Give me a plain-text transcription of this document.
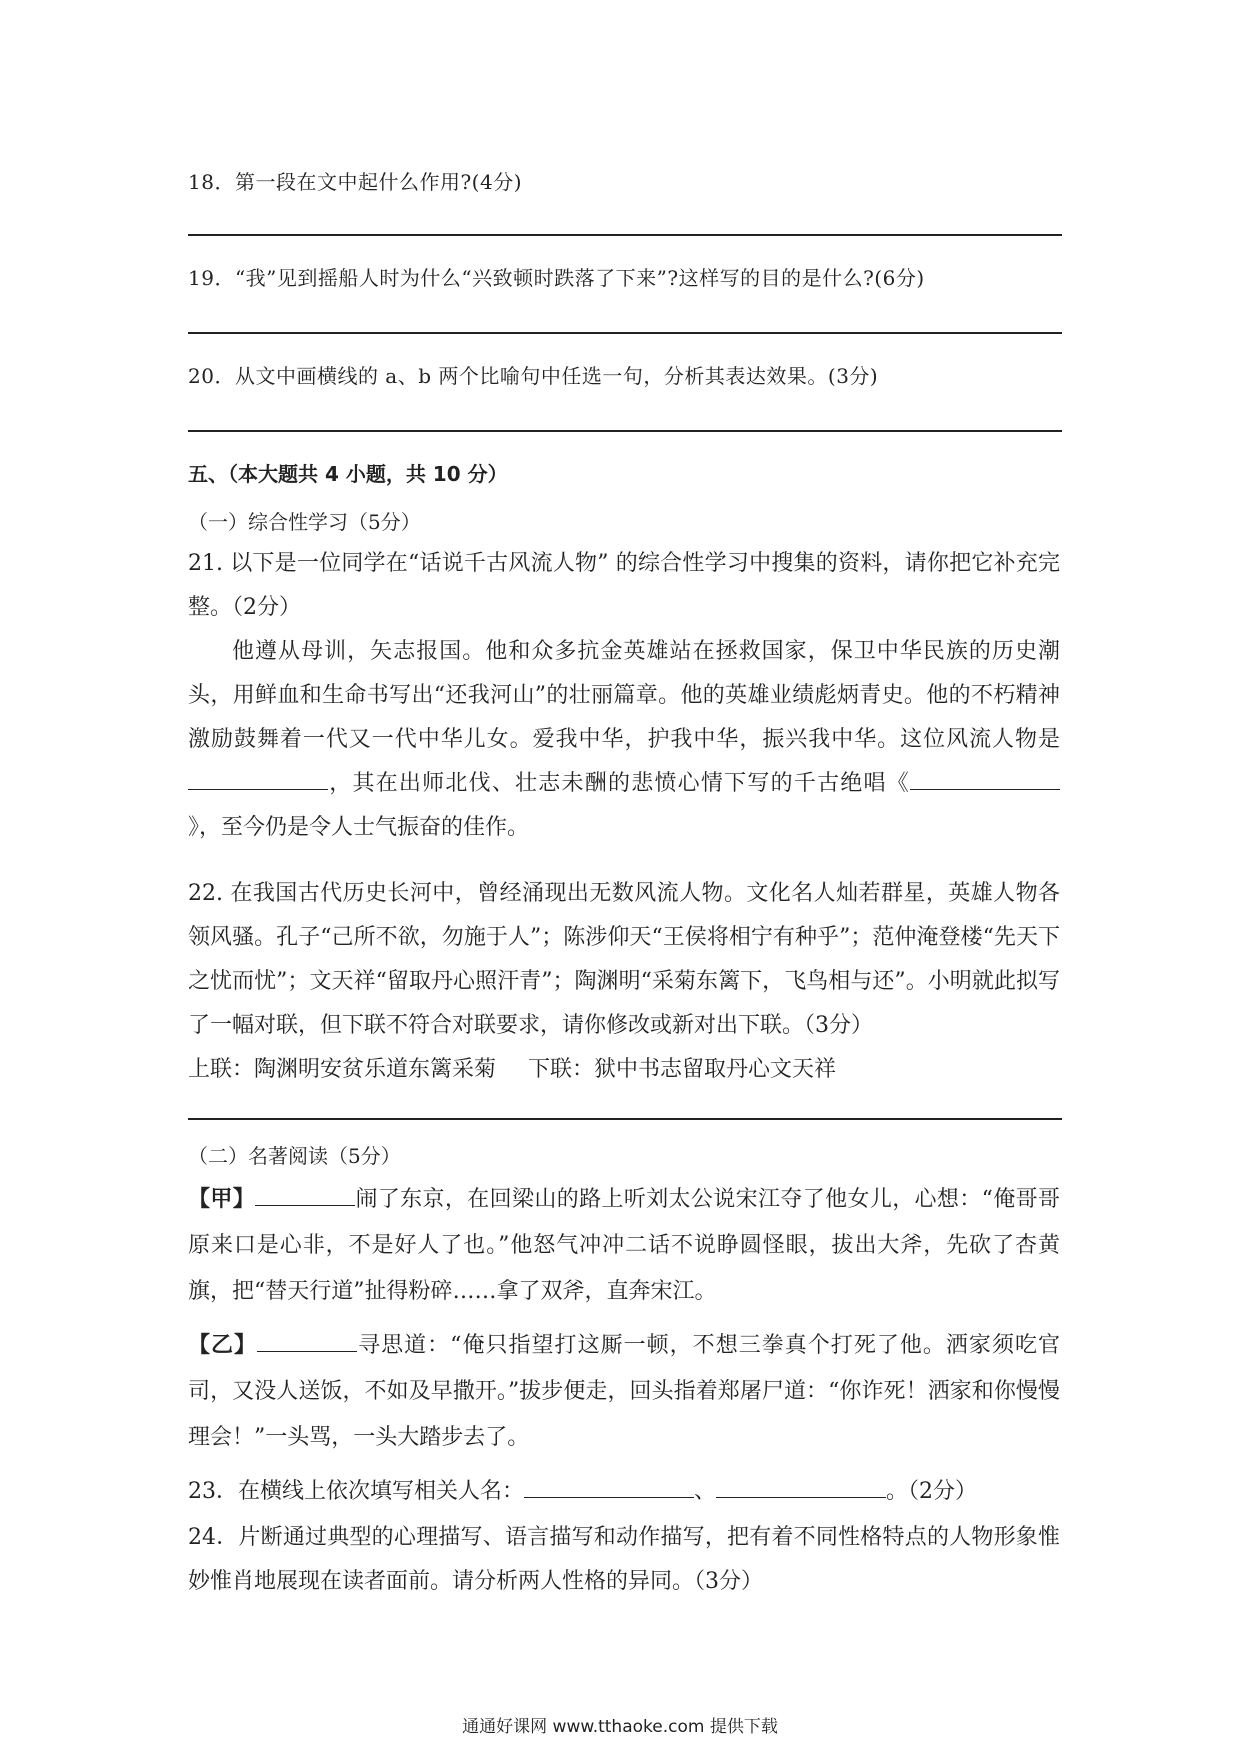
18．第一段在文中起什么作用?(4分)
19．“我”见到摇船人时为什么“兴致顿时跌落了下来”?这样写的目的是什么?(6分)
20．从文中画横线的 a、b 两个比喻句中任选一句，分析其表达效果。(3分)
五、（本大题共 4 小题，共 10 分）
（一）综合性学习（5分）

21. 以下是一位同学在“话说千古风流人物” 的综合性学习中搜集的资料，请你把它补充完整。（2分）

他遵从母训，矢志报国。他和众多抗金英雄站在拯救国家，保卫中华民族的历史潮头，用鲜血和生命书写出“还我河山”的壮丽篇章。他的英雄业绩彪炳青史。他的不朽精神激励鼓舞着一代又一代中华儿女。爱我中华，护我中华，振兴我中华。这位风流人物是，其在出师北伐、壮志未酬的悲愤心情下写的千古绝唱《》，至今仍是令人士气振奋的佳作。

22. 在我国古代历史长河中，曾经涌现出无数风流人物。文化名人灿若群星，英雄人物各领风骚。孔子“己所不欲，勿施于人”；陈涉仰天“王侯将相宁有种乎”；范仲淹登楼“先天下之忧而忧”；文天祥“留取丹心照汗青”；陶渊明“采菊东篱下，飞鸟相与还”。小明就此拟写了一幅对联，但下联不符合对联要求，请你修改或新对出下联。（3分）

上联：陶渊明安贫乐道东篱采菊 下联：狱中书志留取丹心文天祥

（二）名著阅读（5分）

【甲】	闹了东京，在回梁山的路上听刘太公说宋江夺了他女儿，心想：“俺哥哥原来口是心非，不是好人了也。”他怒气冲冲二话不说睁圆怪眼，拔出大斧，先砍了杏黄旗，把“替天行道”扯得粉碎……拿了双斧，直奔宋江。

【乙】	寻思道：“俺只指望打这厮一顿，不想三拳真个打死了他。洒家须吃官司，又没人送饭，不如及早撒开。”拔步便走，回头指着郑屠尸道：“你诈死！洒家和你慢慢理会！”一头骂，一头大踏步去了。

23．在横线上依次填写相关人名：	、	。（2分）

24．片断通过典型的心理描写、语言描写和动作描写，把有着不同性格特点的人物形象惟妙惟肖地展现在读者面前。请分析两人性格的异同。（3分）
通通好课网 www.tthaoke.com 提供下载
